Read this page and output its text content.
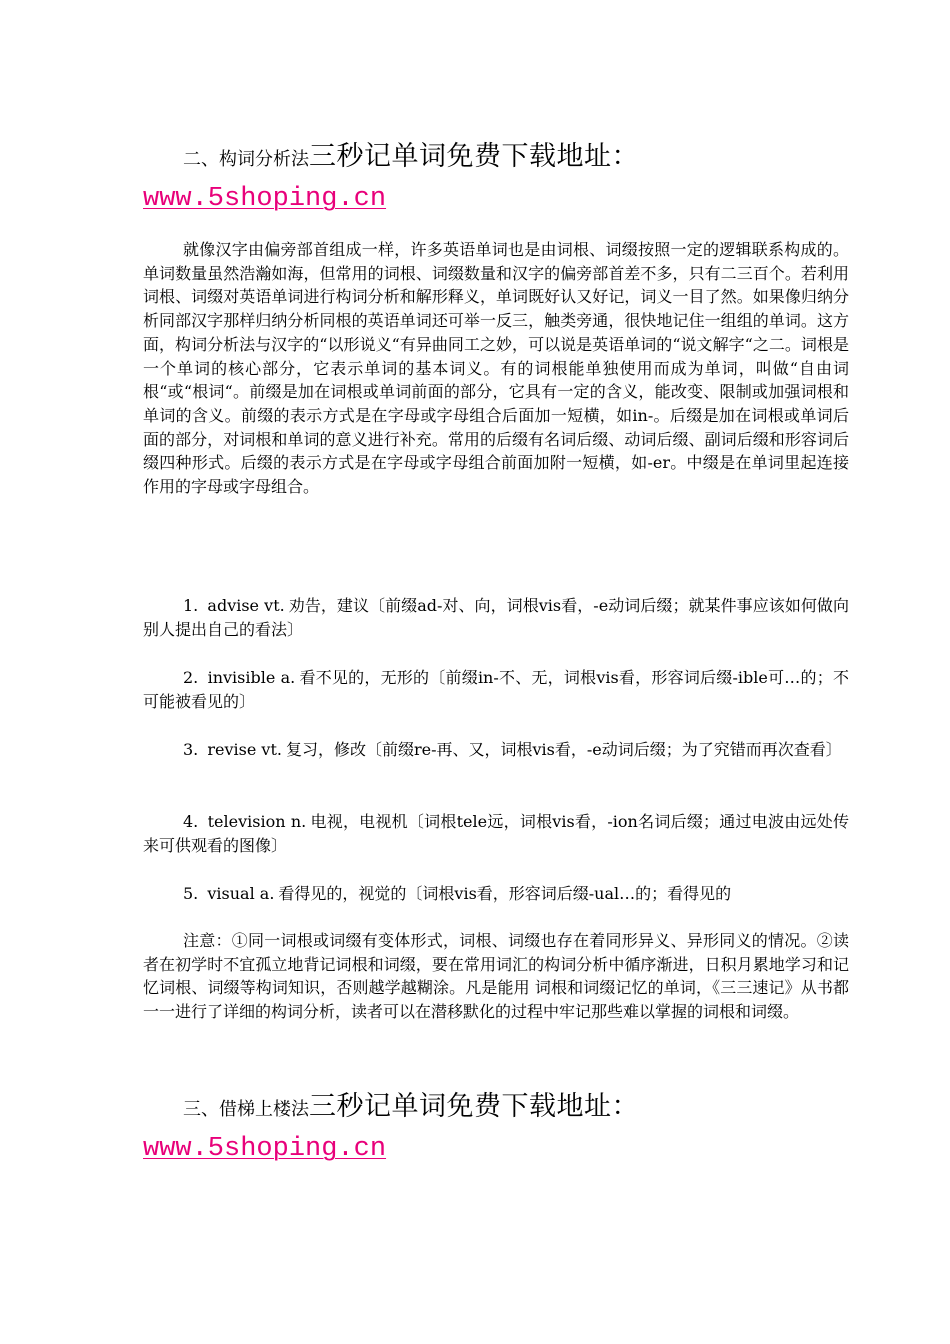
二、构词分析法三秒记单词免费下载地址：
www.5shoping.cn

就像汉字由偏旁部首组成一样，许多英语单词也是由词根、词缀按照一定的逻辑联系构成的。单词数量虽然浩瀚如海，但常用的词根、词缀数量和汉字的偏旁部首差不多，只有二三百个。若利用词根、词缀对英语单词进行构词分析和解形释义，单词既好认又好记，词义一目了然。如果像归纳分析同部汉字那样归纳分析同根的英语单词还可举一反三，触类旁通，很快地记住一组组的单词。这方面，构词分析法与汉字的“以形说义“有异曲同工之妙，可以说是英语单词的“说文解字“之二。词根是一个单词的核心部分，它表示单词的基本词义。有的词根能单独使用而成为单词，叫做“自由词根“或“根词“。前缀是加在词根或单词前面的部分，它具有一定的含义，能改变、限制或加强词根和单词的含义。前缀的表示方式是在字母或字母组合后面加一短横，如in-。后缀是加在词根或单词后面的部分，对词根和单词的意义进行补充。常用的后缀有名词后缀、动词后缀、副词后缀和形容词后缀四种形式。后缀的表示方式是在字母或字母组合前面加附一短横，如-er。中缀是在单词里起连接作用的字母或字母组合。

1. advise vt. 劝告，建议〔前缀ad-对、向，词根vis看，-e动词后缀；就某件事应该如何做向别人提出自己的看法〕

2. invisible a. 看不见的，无形的〔前缀in-不、无，词根vis看，形容词后缀-ible可…的；不可能被看见的〕

3. revise vt. 复习，修改〔前缀re-再、又，词根vis看，-e动词后缀；为了究错而再次查看〕

4. television n. 电视，电视机〔词根tele远，词根vis看，-ion名词后缀；通过电波由远处传来可供观看的图像〕

5. visual a. 看得见的，视觉的〔词根vis看，形容词后缀-ual…的；看得见的

注意：①同一词根或词缀有变体形式，词根、词缀也存在着同形异义、异形同义的情况。②读者在初学时不宜孤立地背记词根和词缀，要在常用词汇的构词分析中循序渐进，日积月累地学习和记忆词根、词缀等构词知识，否则越学越糊涂。凡是能用 词根和词缀记忆的单词，《三三速记》从书都一一进行了详细的构词分析，读者可以在潜移默化的过程中牢记那些难以掌握的词根和词缀。

三、借梯上楼法三秒记单词免费下载地址：
www.5shoping.cn
